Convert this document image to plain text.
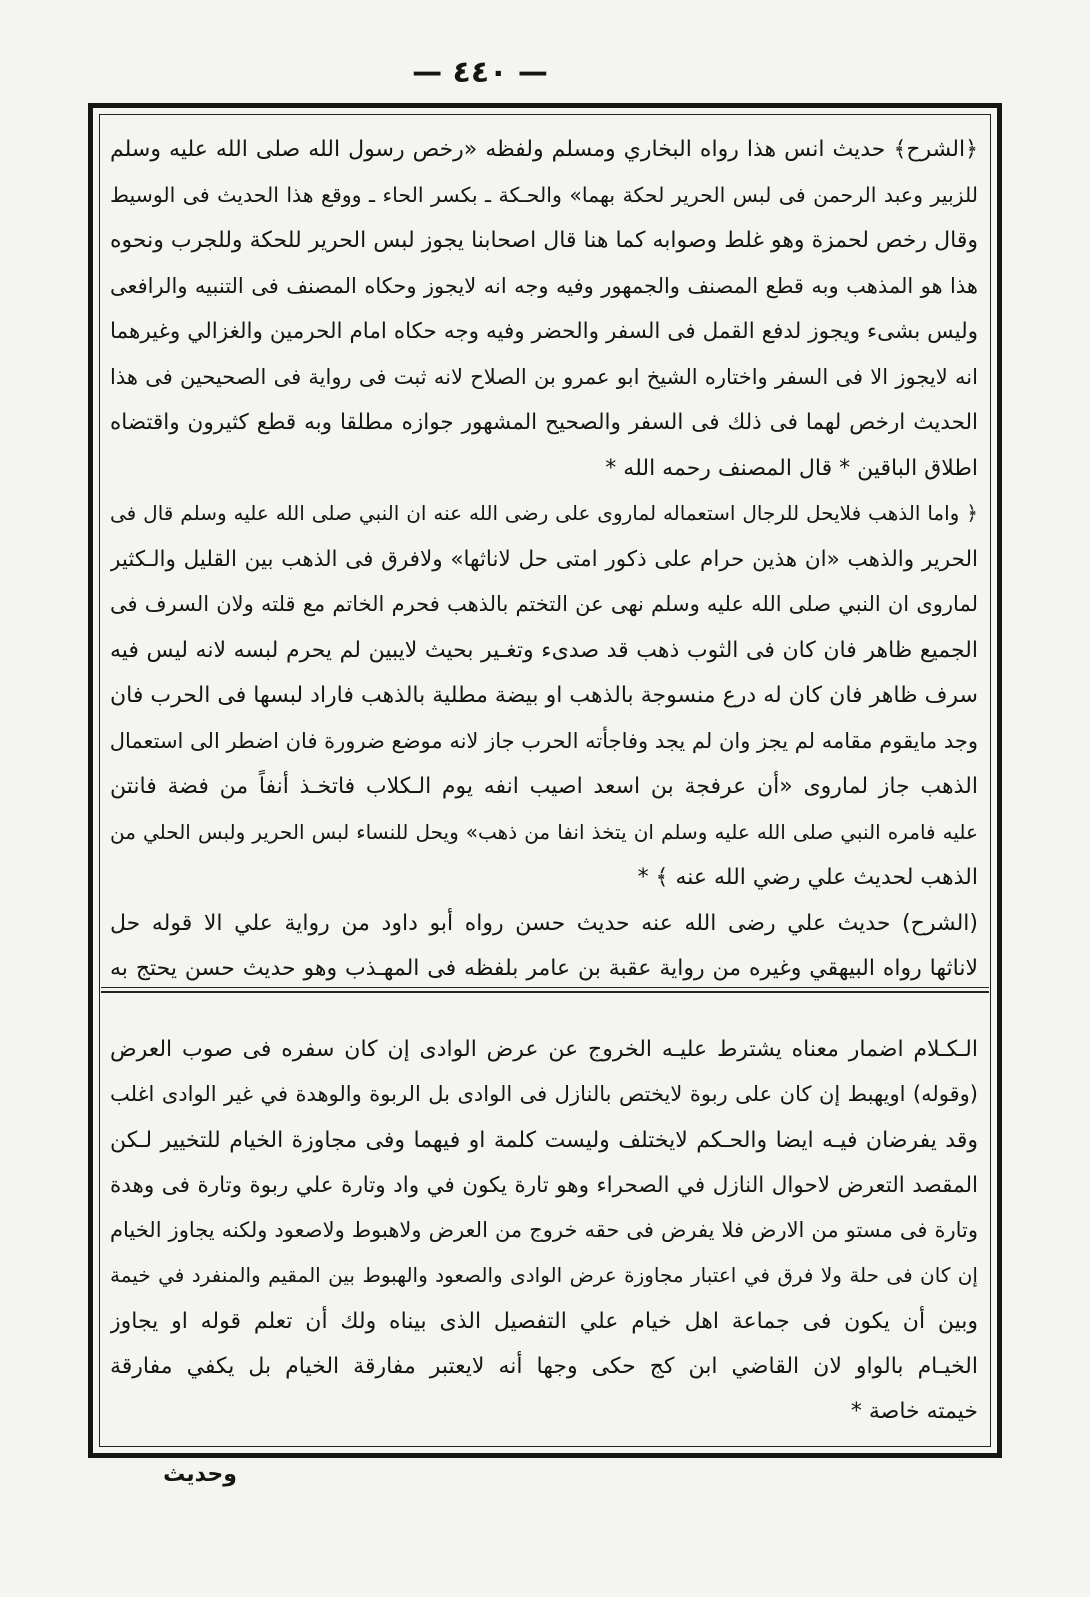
— ٤٤٠ —
﴿الشرح﴾ حديث انس هذا رواه البخاري ومسلم ولفظه «رخص رسول الله صلى الله عليه وسلم
للزبير وعبد الرحمن فى لبس الحرير لحكة بهما» والحـكة ـ بكسر الحاء ـ ووقع هذا الحديث فى الوسيط
وقال رخص لحمزة وهو غلط وصوابه كما هنا قال اصحابنا يجوز لبس الحرير للحكة وللجرب ونحوه
هذا هو المذهب وبه قطع المصنف والجمهور وفيه وجه انه لايجوز وحكاه المصنف فى التنبيه والرافعى
وليس بشىء ويجوز لدفع القمل فى السفر والحضر وفيه وجه حكاه امام الحرمين والغزالي وغيرهما
انه لايجوز الا فى السفر واختاره الشيخ ابو عمرو بن الصلاح لانه ثبت فى رواية فى الصحيحين فى هذا
الحديث ارخص لهما فى ذلك فى السفر والصحيح المشهور جوازه مطلقا وبه قطع كثيرون واقتضاه
اطلاق الباقين * قال المصنف رحمه الله *
﴿ واما الذهب فلايحل للرجال استعماله لماروى على رضى الله عنه ان النبي صلى الله عليه وسلم قال فى
الحرير والذهب «ان هذين حرام على ذكور امتى حل لاناثها» ولافرق فى الذهب بين القليل والـكثير
لماروى ان النبي صلى الله عليه وسلم نهى عن التختم بالذهب فحرم الخاتم مع قلته ولان السرف فى
الجميع ظاهر فان كان فى الثوب ذهب قد صدىء وتغـير بحيث لايبين لم يحرم لبسه لانه ليس فيه
سرف ظاهر فان كان له درع منسوجة بالذهب او بيضة مطلية بالذهب فاراد لبسها فى الحرب فان
وجد مايقوم مقامه لم يجز وان لم يجد وفاجأته الحرب جاز لانه موضع ضرورة فان اضطر الى استعمال
الذهب جاز لماروى «أن عرفجة بن اسعد اصيب انفه يوم الـكلاب فاتخـذ أنفاً من فضة فانتن
عليه فامره النبي صلى الله عليه وسلم ان يتخذ انفا من ذهب» ويحل للنساء لبس الحرير ولبس الحلي من
الذهب لحديث علي رضي الله عنه ﴾ *
(الشرح) حديث علي رضى الله عنه حديث حسن رواه أبو داود من رواية علي الا قوله حل
لاناثها رواه البيهقي وغيره من رواية عقبة بن عامر بلفظه فى المهـذب وهو حديث حسن يحتج به
الـكـلام اضمار معناه يشترط عليـه الخروج عن عرض الوادى إن كان سفره فى صوب العرض
(وقوله) اويهبط إن كان على ربوة لايختص بالنازل فى الوادى بل الربوة والوهدة في غير الوادى اغلب
وقد يفرضان فيـه ايضا والحـكم لايختلف وليست كلمة او فيهما وفى مجاوزة الخيام للتخيير لـكن
المقصد التعرض لاحوال النازل في الصحراء وهو تارة يكون في واد وتارة علي ربوة وتارة فى وهدة
وتارة فى مستو من الارض فلا يفرض فى حقه خروج من العرض ولاهبوط ولاصعود ولكنه يجاوز الخيام
إن كان فى حلة ولا فرق في اعتبار مجاوزة عرض الوادى والصعود والهبوط بين المقيم والمنفرد في خيمة
وبين أن يكون فى جماعة اهل خيام علي التفصيل الذى بيناه ولك أن تعلم قوله او يجاوز
الخيـام بالواو لان القاضي ابن كج حكى وجها أنه لايعتبر مفارقة الخيام بل يكفي مفارقة
خيمته خاصة *
وحديث
